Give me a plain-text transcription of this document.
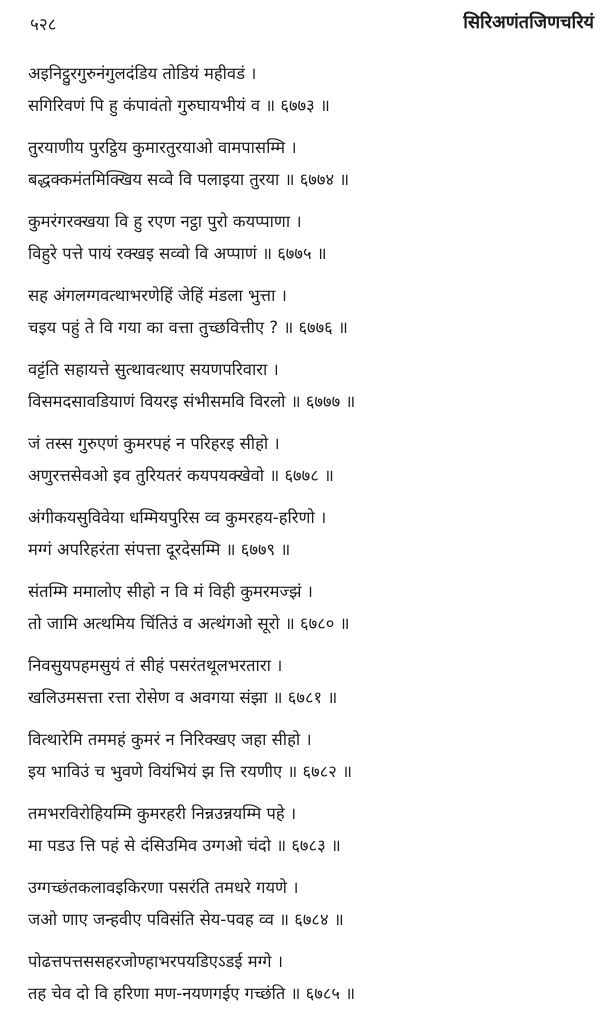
५२८	सिरिअणंतजिणचरियं
अइनिट्ठुरगुरुनंगुलदंडिय तोडियं महीवडं ।
सगिरिवणं पि हु कंपावंतो गुरुघायभीयं व ॥ ६७७३ ॥
तुरयाणीय पुरट्ठिय कुमारतुरयाओ वामपासम्मि ।
बद्धक्कमंतमिक्खिय सव्वे वि पलाइया तुरया ॥ ६७७४ ॥
कुमरंगरक्खया वि हु रएण नट्ठा पुरो कयप्पाणा ।
विहुरे पत्ते पायं रक्खइ सव्वो वि अप्पाणं ॥ ६७७५ ॥
सह अंगलग्गवत्थाभरणेहिं जेहिं मंडला भुत्ता ।
चइय पहुं ते वि गया का वत्ता तुच्छवित्तीए ? ॥ ६७७६ ॥
वट्टंति सहायत्ते सुत्थावत्थाए सयणपरिवारा ।
विसमदसावडियाणं वियरइ संभीसमवि विरलो ॥ ६७७७ ॥
जं तस्स गुरुएणं कुमरपहं न परिहरइ सीहो ।
अणुरत्तसेवओ इव तुरियतरं कयपयक्खेवो ॥ ६७७८ ॥
अंगीकयसुविवेया धम्मियपुरिस व्व कुमरहय-हरिणो ।
मग्गं अपरिहरंता संपत्ता दूरदेसम्मि ॥ ६७७९ ॥
संतम्मि ममालोए सीहो न वि मं विही कुमरमज्झं ।
तो जामि अत्थमिय चिंतिउं व अत्थंगओ सूरो ॥ ६७८० ॥
निवसुयपहमसुयं तं सीहं पसरंतथूलभरतारा ।
खलिउमसत्ता रत्ता रोसेण व अवगया संझा ॥ ६७८१ ॥
वित्थारेमि तममहं कुमरं न निरिक्खए जहा सीहो ।
इय भाविउं च भुवणे वियंभियं झ त्ति रयणीए ॥ ६७८२ ॥
तमभरविरोहियम्मि कुमरहरी निन्नउन्नयम्मि पहे ।
मा पडउ त्ति पहं से दंसिउमिव उग्गओ चंदो ॥ ६७८३ ॥
उग्गच्छंतकलावइकिरणा पसरंति तमधरे गयणे ।
जओ णाए जन्हवीए पविसंति सेय-पवह व्व ॥ ६७८४ ॥
पोढत्तपत्तससहरजोण्हाभरपयडिएऽडई मग्गे ।
तह चेव दो वि हरिणा मण-नयणगईए गच्छंति ॥ ६७८५ ॥
